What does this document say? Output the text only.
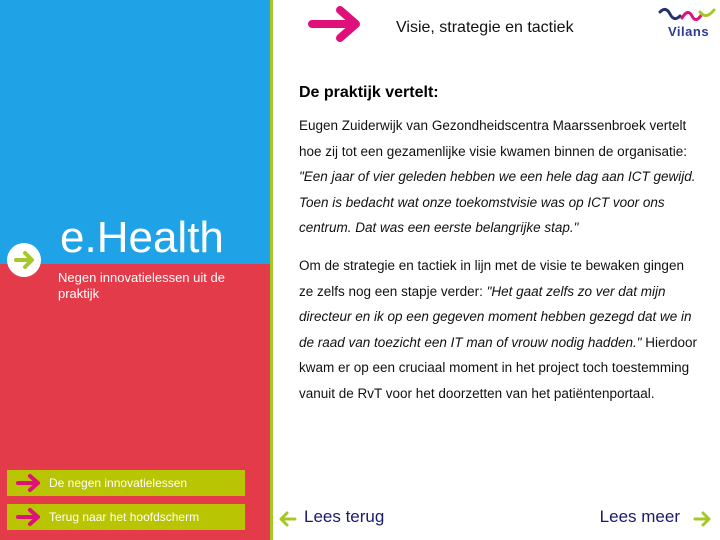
e.Health

Negen innovatielessen uit de praktijk

De negen innovatielessen
Terug naar het hoofdscherm
Visie, strategie en tactiek	Vilans
De praktijk vertelt:

Eugen Zuiderwijk van Gezondheidscentra Maarssenbroek vertelt hoe zij tot een gezamenlijke visie kwamen binnen de organisatie: "Een jaar of vier geleden hebben we een hele dag aan ICT gewijd. Toen is bedacht wat onze toekomstvisie was op ICT voor ons centrum. Dat was een eerste belangrijke stap."

Om de strategie en tactiek in lijn met de visie te bewaken gingen ze zelfs nog een stapje verder: "Het gaat zelfs zo ver dat mijn directeur en ik op een gegeven moment hebben gezegd dat we in de raad van toezicht een IT man of vrouw nodig hadden." Hierdoor kwam er op een cruciaal moment in het project toch toestemming vanuit de RvT voor het doorzetten van het patiëntenportaal.

Lees terug	Lees meer
